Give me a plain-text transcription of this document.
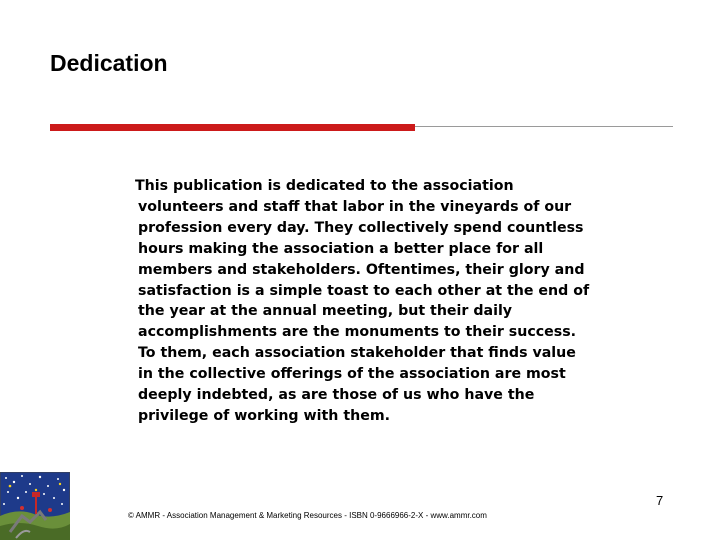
Dedication
This publication is dedicated to the association
volunteers and staff that labor in the vineyards of our
profession every day. They collectively spend countless
hours making the association a better place for all
members and stakeholders. Oftentimes, their glory and
satisfaction is a simple toast to each other at the end of
the year at the annual meeting, but their daily
accomplishments are the monuments to their success.
To them, each association stakeholder that finds value
in the collective offerings of the association are most
deeply indebted, as are those of us who have the
privilege of working with them.
7
© AMMR - Association Management & Marketing Resources - ISBN 0-9666966-2-X - www.ammr.com
